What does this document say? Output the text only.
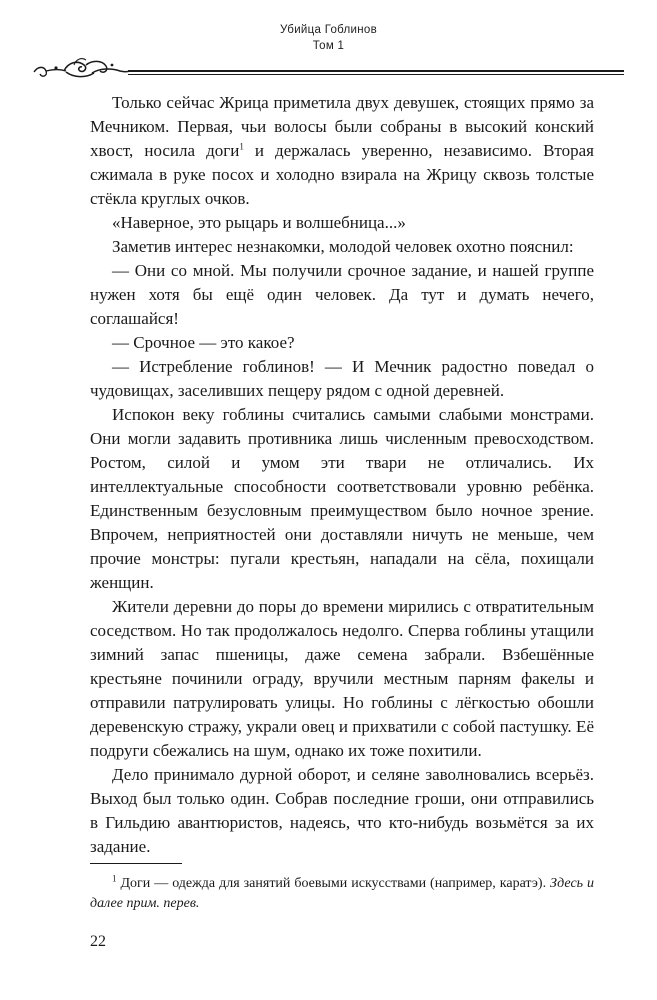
Убийца Гоблинов
Том 1

Только сейчас Жрица приметила двух девушек, стоящих прямо за Мечником. Первая, чьи волосы были собраны в высокий конский хвост, носила доги$^1$ и держалась уверенно, независимо. Вторая сжимала в руке посох и холодно взирала на Жрицу сквозь толстые стёкла круглых очков.

«Наверное, это рыцарь и волшебница...»

Заметив интерес незнакомки, молодой человек охотно пояснил:

— Они со мной. Мы получили срочное задание, и нашей группе нужен хотя бы ещё один человек. Да тут и думать нечего, соглашайся!

— Срочное — это какое?

— Истребление гоблинов! — И Мечник радостно поведал о чудовищах, заселивших пещеру рядом с одной деревней.

Испокон веку гоблины считались самыми слабыми монстрами. Они могли задавить противника лишь численным превосходством. Ростом, силой и умом эти твари не отличались. Их интеллектуальные способности соответствовали уровню ребёнка. Единственным безусловным преимуществом было ночное зрение. Впрочем, неприятностей они доставляли ничуть не меньше, чем прочие монстры: пугали крестьян, нападали на сёла, похищали женщин.

Жители деревни до поры до времени мирились с отвратительным соседством. Но так продолжалось недолго. Сперва гоблины утащили зимний запас пшеницы, даже семена забрали. Взбешённые крестьяне починили ограду, вручили местным парням факелы и отправили патрулировать улицы. Но гоблины с лёгкостью обошли деревенскую стражу, украли овец и прихватили с собой пастушку. Её подруги сбежались на шум, однако их тоже похитили.

Дело принимало дурной оборот, и селяне заволновались всерьёз. Выход был только один. Собрав последние гроши, они отправились в Гильдию авантюристов, надеясь, что кто-нибудь возьмётся за их задание.

$^1$ Доги — одежда для занятий боевыми искусствами (например, каратэ). Здесь и далее прим. перев.
22
